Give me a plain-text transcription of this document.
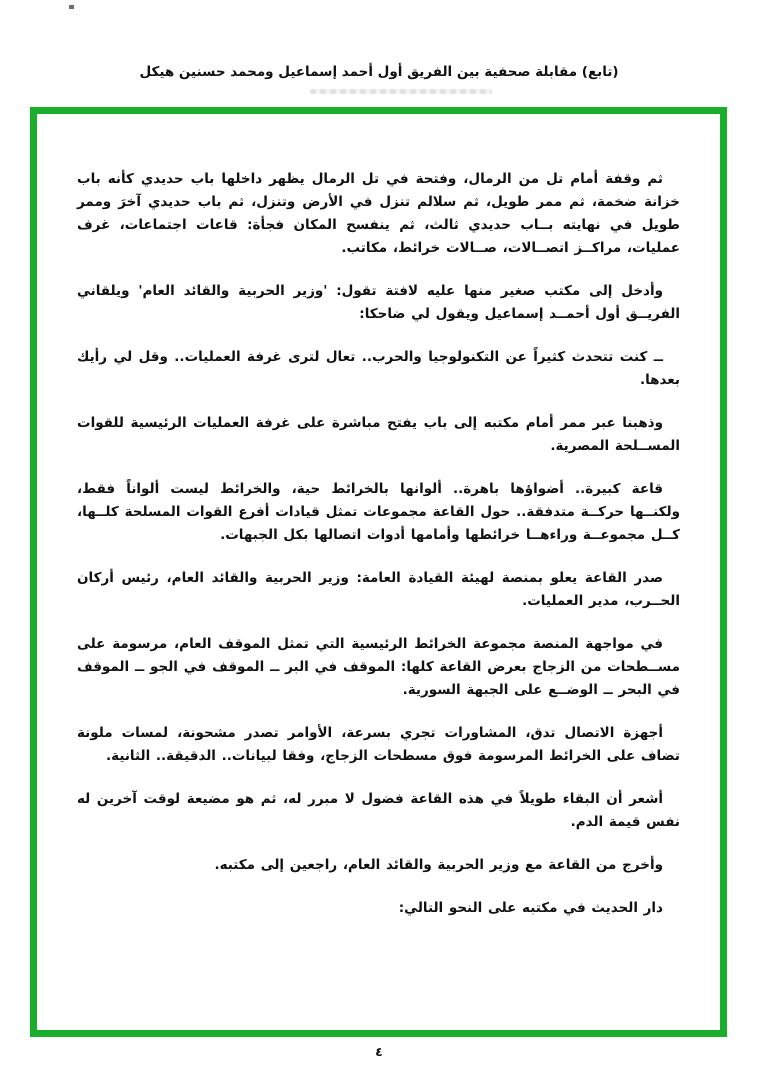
(تابع) مقابلة صحفية بين الفريق أول أحمد إسماعيل ومحمد حسنين هيكل

ثم وقفة أمام تل من الرمال، وفتحة في تل الرمال يظهر داخلها باب حديدي كأنه باب خزانة ضخمة، ثم ممر طويل، ثم سلالم تنزل في الأرض وتنزل، ثم باب حديدي آخرَ وممر طويل في نهايته بــاب حديدي ثالث، ثم ينفسح المكان فجأة: قاعات اجتماعات، غرف عمليات، مراكــز اتصــالات، صــالات خرائط، مكاتب.

وأدخل إلى مكتب صغير منها عليه لافتة تقول: 'وزير الحربية والقائد العام' ويلقاني الفريــق أول أحمــد إسماعيل ويقول لي ضاحكا:

ــ كنت تتحدث كثيراً عن التكنولوجيا والحرب.. تعال لترى غرفة العمليات.. وقل لي رأيك بعدها.

وذهبنا عبر ممر أمام مكتبه إلى باب يفتح مباشرة على غرفة العمليات الرئيسية للقوات المســلحة المصرية.

قاعة كبيرة.. أضواؤها باهرة.. ألوانها بالخرائط حية، والخرائط ليست ألواناً فقط، ولكنــها حركــة متدفقة.. حول القاعة مجموعات تمثل قيادات أفرع القوات المسلحة كلــها، كــل مجموعــة وراءهــا خرائطها وأمامها أدوات اتصالها بكل الجبهات.

صدر القاعة يعلو بمنصة لهيئة القيادة العامة: وزير الحربية والقائد العام، رئيس أركان الحــرب، مدير العمليات.

في مواجهة المنصة مجموعة الخرائط الرئيسية التي تمثل الموقف العام، مرسومة على مســطحات من الزجاج بعرض القاعة كلها: الموقف في البر ــ الموقف في الجو ــ الموقف في البحر ــ الوضــع على الجبهة السورية.

أجهزة الاتصال تدق، المشاورات تجري بسرعة، الأوامر تصدر مشحونة، لمسات ملونة تضاف على الخرائط المرسومة فوق مسطحات الزجاج، وفقا لبيانات.. الدقيقة.. الثانية.

أشعر أن البقاء طويلاً في هذه القاعة فضول لا مبرر له، ثم هو مضيعة لوقت آخرين له نفس قيمة الدم.

وأخرج من القاعة مع وزير الحربية والقائد العام، راجعين إلى مكتبه.

دار الحديث في مكتبه على النحو التالي:

٤
